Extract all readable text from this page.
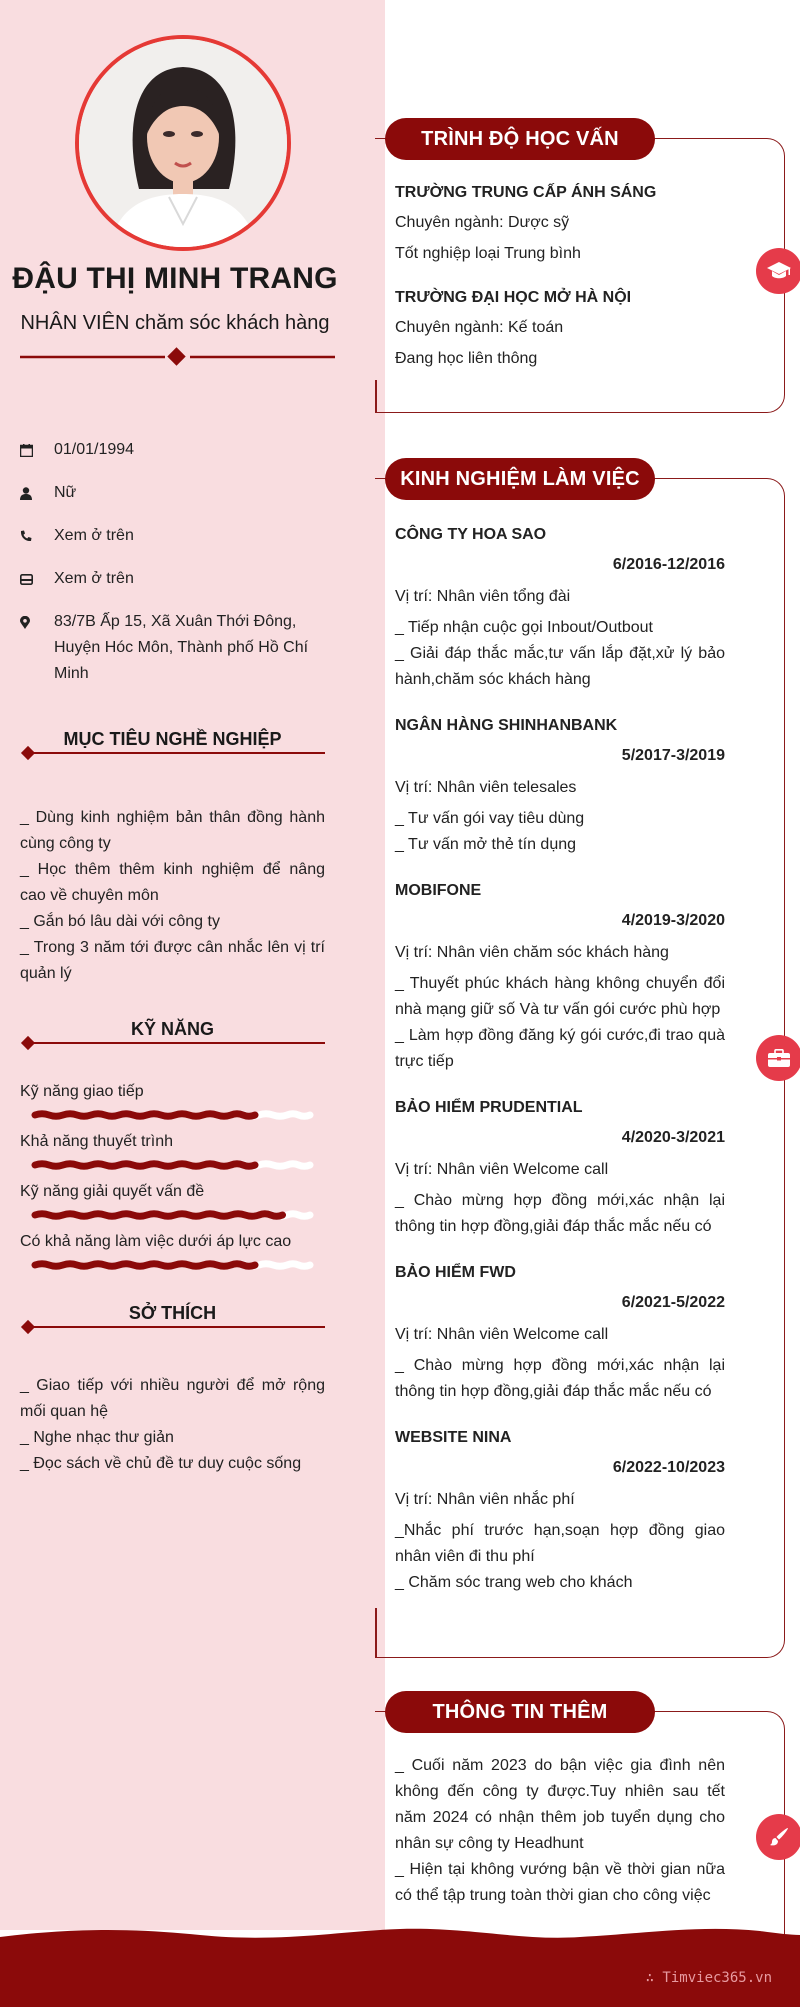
ĐẬU THỊ MINH TRANG
NHÂN VIÊN chăm sóc khách hàng
01/01/1994
Nữ
Xem ở trên
Xem ở trên
83/7B Ấp 15, Xã Xuân Thới Đông, Huyện Hóc Môn, Thành phố Hồ Chí Minh
MỤC TIÊU NGHỀ NGHIỆP
_ Dùng kinh nghiệm bản thân đồng hành cùng công ty
_ Học thêm thêm kinh nghiệm để nâng cao về chuyên môn
_ Gắn bó lâu dài với công ty
_ Trong 3 năm tới được cân nhắc lên vị trí quản lý
KỸ NĂNG
Kỹ năng giao tiếp
Khả năng thuyết trình
Kỹ năng giải quyết vấn đề
Có khả năng làm việc dưới áp lực cao
SỞ THÍCH
_ Giao tiếp với nhiều người để mở rộng mối quan hệ
_ Nghe nhạc thư giản
_ Đọc sách về chủ đề tư duy cuộc sống
TRÌNH ĐỘ HỌC VẤN
TRƯỜNG TRUNG CẤP ÁNH SÁNG
Chuyên ngành: Dược sỹ
Tốt nghiệp loại Trung bình
TRƯỜNG ĐẠI HỌC MỞ HÀ NỘI
Chuyên ngành: Kế toán
Đang học liên thông
KINH NGHIỆM LÀM VIỆC
CÔNG TY HOA SAO
6/2016-12/2016
Vị trí: Nhân viên tổng đài
_ Tiếp nhận cuộc gọi Inbout/Outbout
_ Giải đáp thắc mắc,tư vấn lắp đặt,xử lý bảo hành,chăm sóc khách hàng
NGÂN HÀNG SHINHANBANK
5/2017-3/2019
Vị trí: Nhân viên telesales
_ Tư vấn gói vay tiêu dùng
_ Tư vấn mở thẻ tín dụng
MOBIFONE
4/2019-3/2020
Vị trí: Nhân viên chăm sóc khách hàng
_ Thuyết phúc khách hàng không chuyển đổi nhà mạng giữ số Và tư vấn gói cước phù hợp
_ Làm hợp đồng đăng ký gói cước,đi trao quà trực tiếp
BẢO HIỂM PRUDENTIAL
4/2020-3/2021
Vị trí: Nhân viên Welcome call
_ Chào mừng hợp đồng mới,xác nhận lại thông tin hợp đồng,giải đáp thắc mắc nếu có
BẢO HIỂM FWD
6/2021-5/2022
Vị trí: Nhân viên Welcome call
_ Chào mừng hợp đồng mới,xác nhận lại thông tin hợp đồng,giải đáp thắc mắc nếu có
WEBSITE NINA
6/2022-10/2023
Vị trí: Nhân viên nhắc phí
_Nhắc phí trước hạn,soạn hợp đồng giao nhân viên đi thu phí
_ Chăm sóc trang web cho khách
THÔNG TIN THÊM
_ Cuối năm 2023 do bận việc gia đình nên không đến công ty được.Tuy nhiên sau tết năm 2024 có nhận thêm job tuyển dụng cho nhân sự công ty Headhunt
_ Hiện tại không vướng bận về thời gian nữa có thể tập trung toàn thời gian cho công việc
∴ Timviec365.vn
